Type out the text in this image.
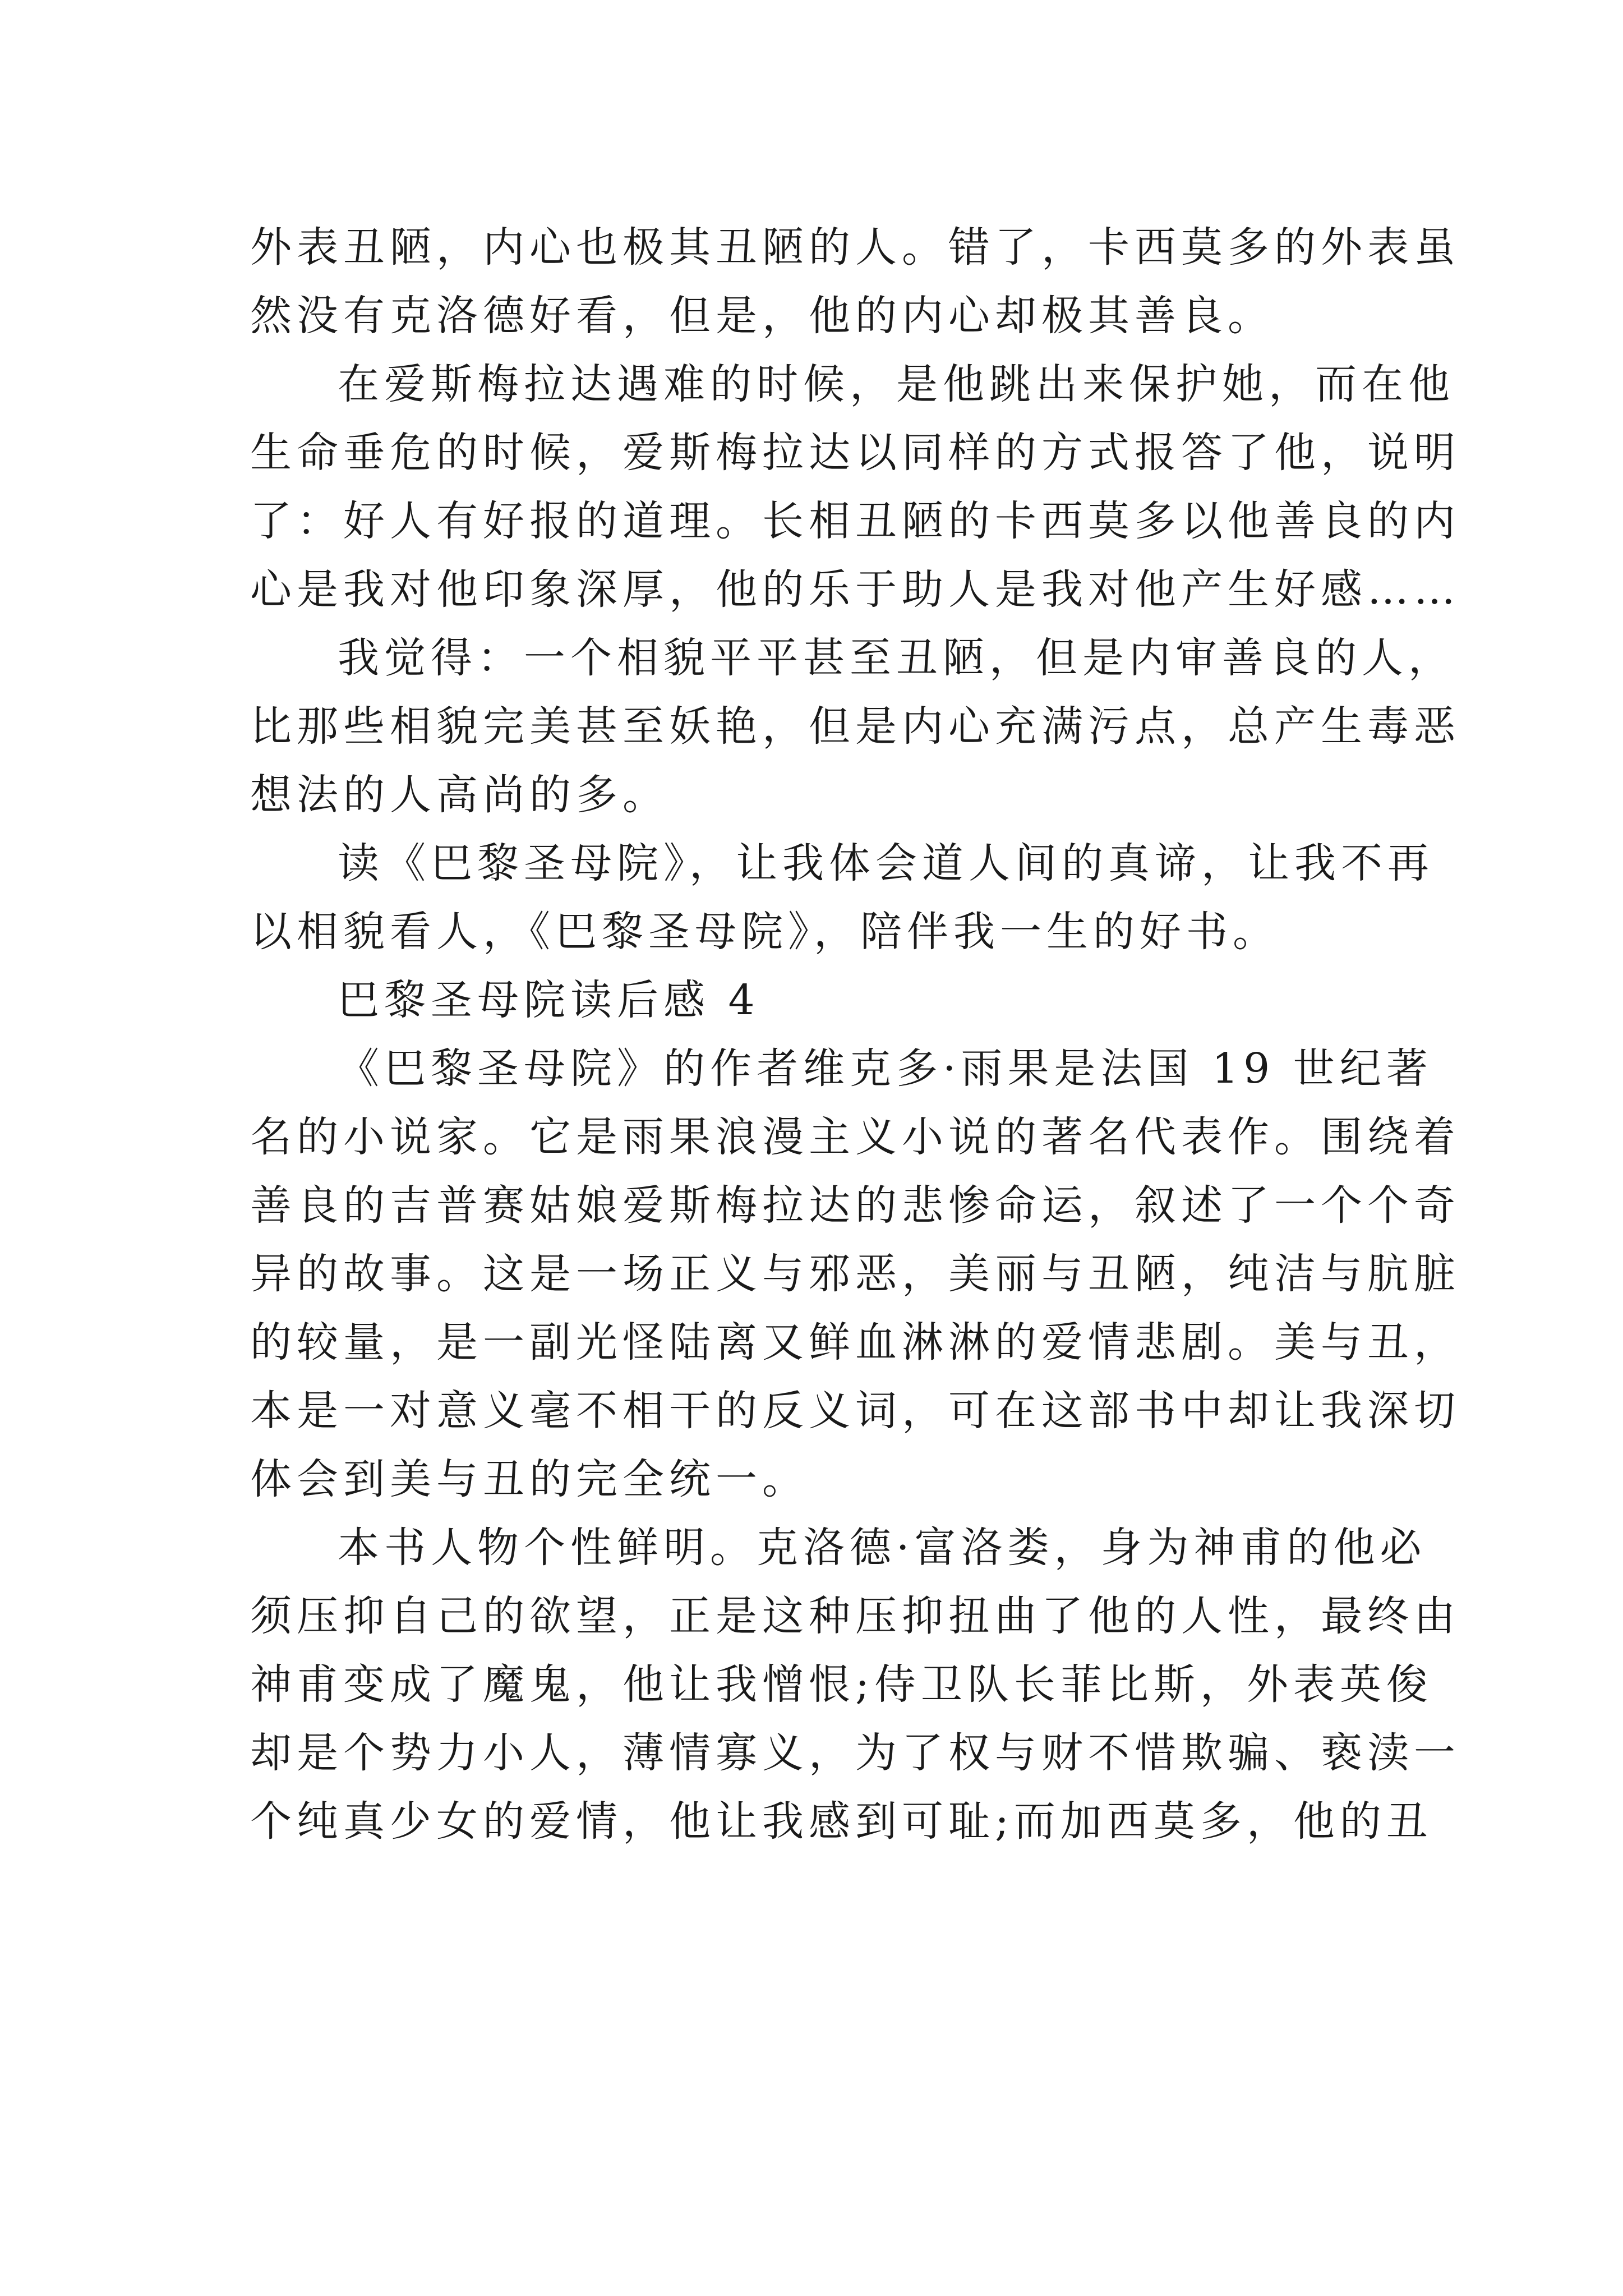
外表丑陋，内心也极其丑陋的人。错了，卡西莫多的外表虽
然没有克洛德好看，但是，他的内心却极其善良。
在爱斯梅拉达遇难的时候，是他跳出来保护她，而在他
生命垂危的时候，爱斯梅拉达以同样的方式报答了他，说明
了：好人有好报的道理。长相丑陋的卡西莫多以他善良的内
心是我对他印象深厚，他的乐于助人是我对他产生好感……
我觉得：一个相貌平平甚至丑陋，但是内审善良的人，
比那些相貌完美甚至妖艳，但是内心充满污点，总产生毒恶
想法的人高尚的多。
读《巴黎圣母院》，让我体会道人间的真谛，让我不再
以相貌看人，《巴黎圣母院》，陪伴我一生的好书。
巴黎圣母院读后感 4
《巴黎圣母院》的作者维克多·雨果是法国 19 世纪著
名的小说家。它是雨果浪漫主义小说的著名代表作。围绕着
善良的吉普赛姑娘爱斯梅拉达的悲惨命运，叙述了一个个奇
异的故事。这是一场正义与邪恶，美丽与丑陋，纯洁与肮脏
的较量，是一副光怪陆离又鲜血淋淋的爱情悲剧。美与丑，
本是一对意义毫不相干的反义词，可在这部书中却让我深切
体会到美与丑的完全统一。
本书人物个性鲜明。克洛德·富洛娄，身为神甫的他必
须压抑自己的欲望，正是这种压抑扭曲了他的人性，最终由
神甫变成了魔鬼，他让我憎恨;侍卫队长菲比斯，外表英俊
却是个势力小人，薄情寡义，为了权与财不惜欺骗、亵渎一
个纯真少女的爱情，他让我感到可耻;而加西莫多，他的丑
